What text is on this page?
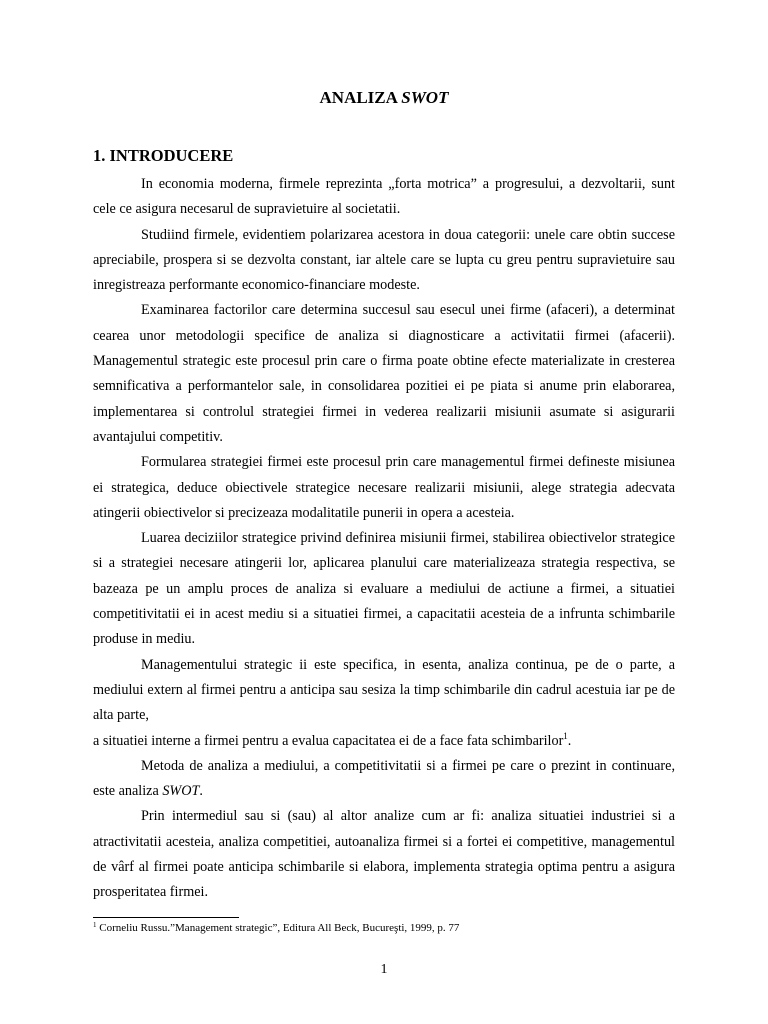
ANALIZA SWOT
1. INTRODUCERE

In economia moderna, firmele reprezinta „forta motrica” a progresului, a dezvoltarii, sunt cele ce asigura necesarul de supravietuire al societatii.

Studiind firmele, evidentiem polarizarea acestora in doua categorii: unele care obtin succese apreciabile, prospera si se dezvolta constant, iar altele care se lupta cu greu pentru supravietuire sau inregistreaza performante economico-financiare modeste.

Examinarea factorilor care determina succesul sau esecul unei firme (afaceri), a determinat cearea unor metodologii specifice de analiza si diagnosticare a activitatii firmei (afacerii). Managementul strategic este procesul prin care o firma poate obtine efecte materializate in cresterea semnificativa a performantelor sale, in consolidarea pozitiei ei pe piata si anume prin elaborarea, implementarea si controlul strategiei firmei in vederea realizarii misiunii asumate si asigurarii avantajului competitiv.

Formularea strategiei firmei este procesul prin care managementul firmei defineste misiunea ei strategica, deduce obiectivele strategice necesare realizarii misiunii, alege strategia adecvata atingerii obiectivelor si precizeaza modalitatile punerii in opera a acesteia.

Luarea deciziilor strategice privind definirea misiunii firmei, stabilirea obiectivelor strategice si a strategiei necesare atingerii lor, aplicarea planului care materializeaza strategia respectiva, se bazeaza pe un amplu proces de analiza si evaluare a mediului de actiune a firmei, a situatiei competitivitatii ei in acest mediu si a situatiei firmei, a capacitatii acesteia de a infrunta schimbarile produse in mediu.

Managementului strategic ii este specifica, in esenta, analiza continua, pe de o parte, a mediului extern al firmei pentru a anticipa sau sesiza la timp schimbarile din cadrul acestuia iar pe de alta parte,

a situatiei interne a firmei pentru a evalua capacitatea ei de a face fata schimbarilor$^1$.

Metoda de analiza a mediului, a competitivitatii si a firmei pe care o prezint in continuare, este analiza SWOT.

Prin intermediul sau si (sau) al altor analize cum ar fi: analiza situatiei industriei si a atractivitatii acesteia, analiza competitiei, autoanaliza firmei si a fortei ei competitive, managementul de vârf al firmei poate anticipa schimbarile si elabora, implementa strategia optima pentru a asigura prosperitatea firmei.

$^1$ Corneliu Russu.”Management strategic”, Editura All Beck, Bucureşti, 1999, p. 77
1
